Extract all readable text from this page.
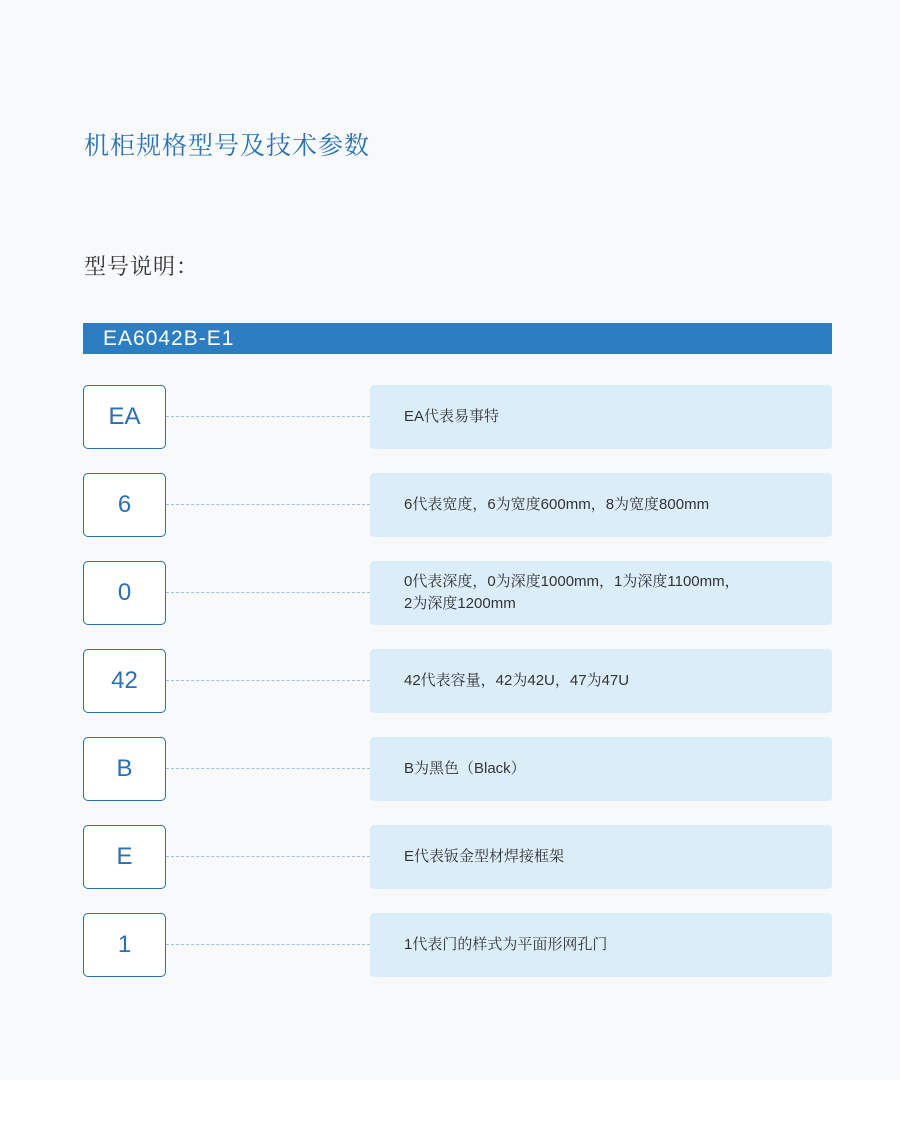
机柜规格型号及技术参数
型号说明：
EA6042B-E1
EA	EA代表易事特
6	6代表宽度，6为宽度600mm，8为宽度800mm
0	0代表深度，0为深度1000mm，1为深度1100mm，
2为深度1200mm
42	42代表容量，42为42U，47为47U
B	B为黑色（Black）
E	E代表钣金型材焊接框架
1	1代表门的样式为平面形网孔门
